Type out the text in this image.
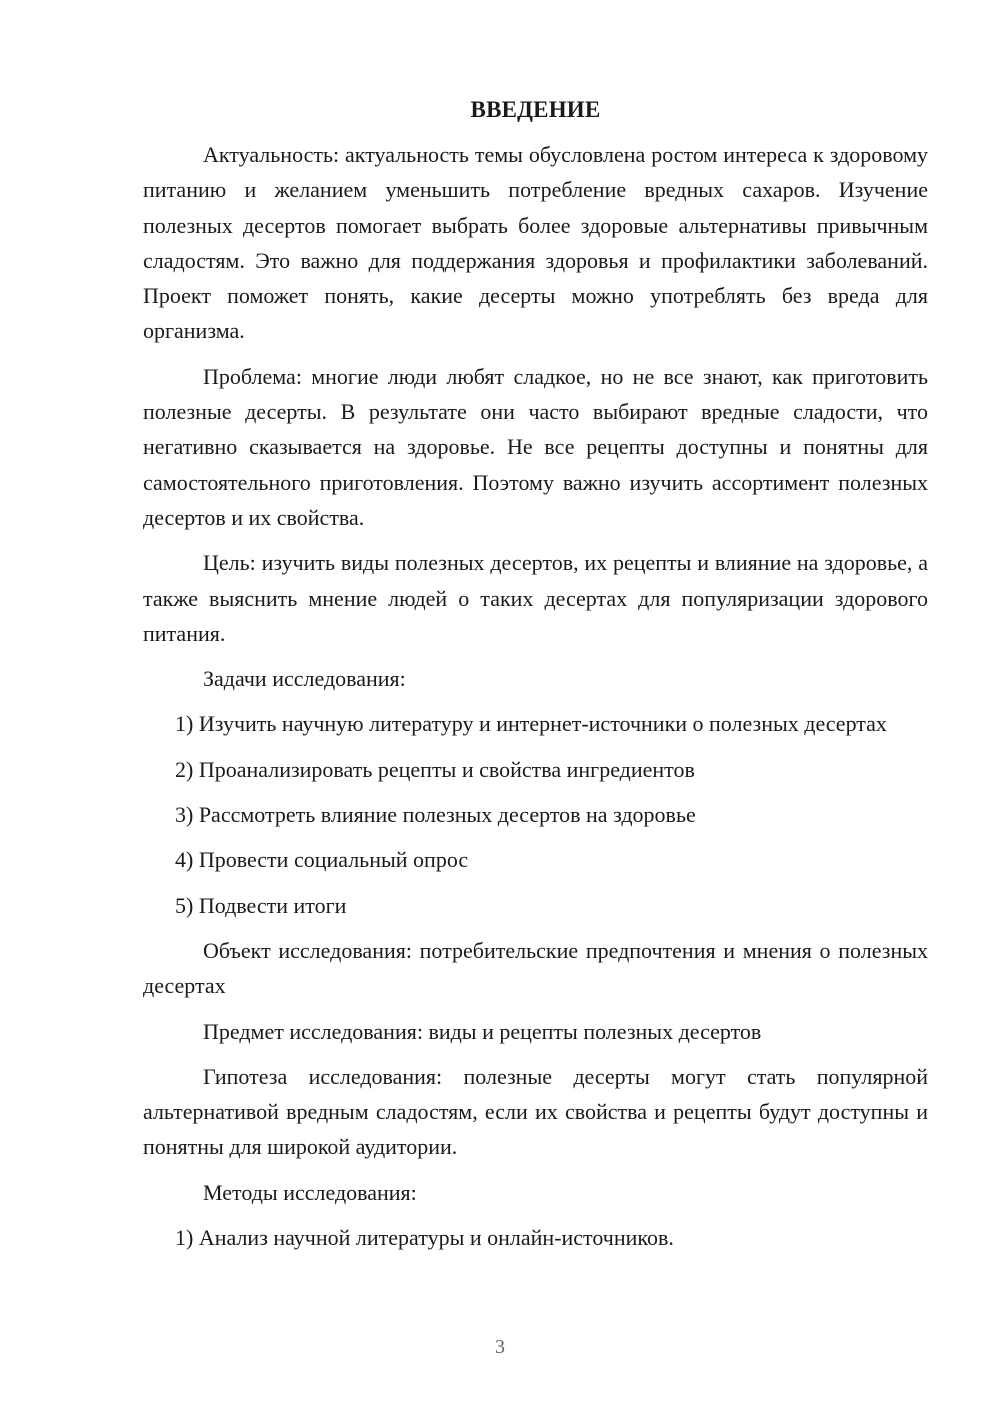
ВВЕДЕНИЕ

Актуальность: актуальность темы обусловлена ростом интереса к здоровому питанию и желанием уменьшить потребление вредных сахаров. Изучение полезных десертов помогает выбрать более здоровые альтернативы привычным сладостям. Это важно для поддержания здоровья и профилактики заболеваний. Проект поможет понять, какие десерты можно употреблять без вреда для организма.

Проблема: многие люди любят сладкое, но не все знают, как приготовить полезные десерты. В результате они часто выбирают вредные сладости, что негативно сказывается на здоровье. Не все рецепты доступны и понятны для самостоятельного приготовления. Поэтому важно изучить ассортимент полезных десертов и их свойства.

Цель: изучить виды полезных десертов, их рецепты и влияние на здоровье, а также выяснить мнение людей о таких десертах для популяризации здорового питания.

Задачи исследования:

1) Изучить научную литературу и интернет-источники о полезных десертах

2) Проанализировать рецепты и свойства ингредиентов

3) Рассмотреть влияние полезных десертов на здоровье

4) Провести социальный опрос

5) Подвести итоги

Объект исследования: потребительские предпочтения и мнения о полезных десертах

Предмет исследования: виды и рецепты полезных десертов

Гипотеза исследования: полезные десерты могут стать популярной альтернативой вредным сладостям, если их свойства и рецепты будут доступны и понятны для широкой аудитории.

Методы исследования:

1) Анализ научной литературы и онлайн-источников.

3
